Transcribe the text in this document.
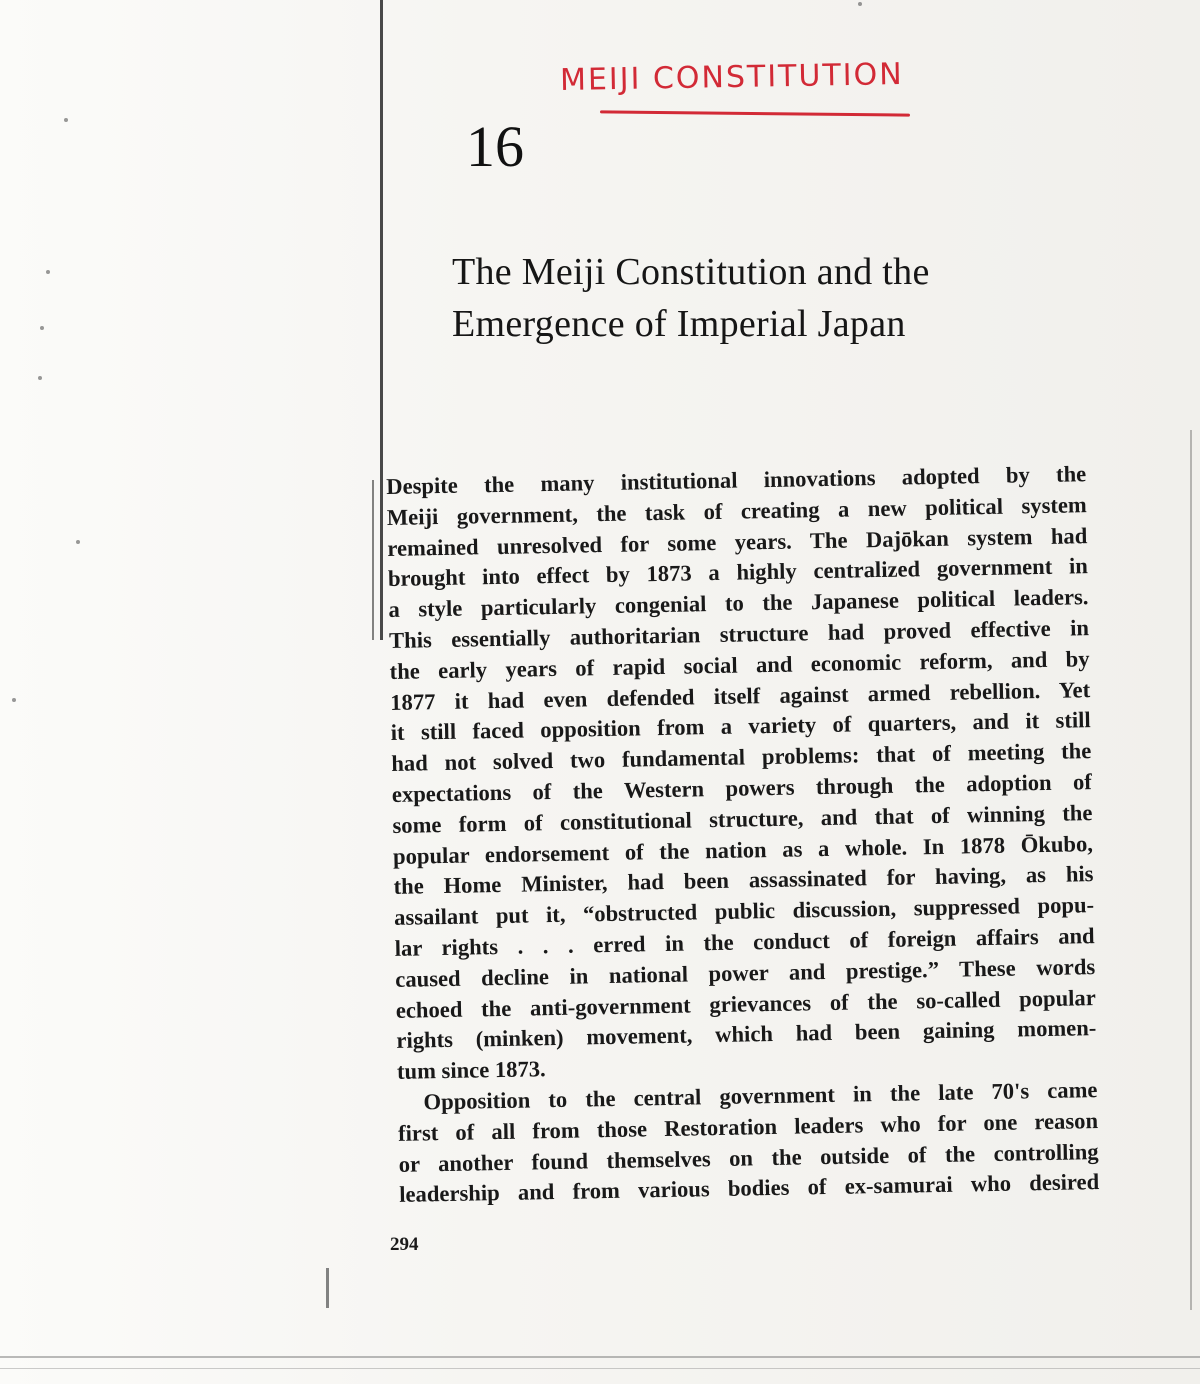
MEIJI CONSTITUTION
16
The Meiji Constitution and the
Emergence of Imperial Japan
Despite the many institutional innovations adopted by the
Meiji government, the task of creating a new political system
remained unresolved for some years. The Dajōkan system had
brought into effect by 1873 a highly centralized government in
a style particularly congenial to the Japanese political leaders.
This essentially authoritarian structure had proved effective in
the early years of rapid social and economic reform, and by
1877 it had even defended itself against armed rebellion. Yet
it still faced opposition from a variety of quarters, and it still
had not solved two fundamental problems: that of meeting the
expectations of the Western powers through the adoption of
some form of constitutional structure, and that of winning the
popular endorsement of the nation as a whole. In 1878 Ōkubo,
the Home Minister, had been assassinated for having, as his
assailant put it, “obstructed public discussion, suppressed popu-
lar rights . . . erred in the conduct of foreign affairs and
caused decline in national power and prestige.” These words
echoed the anti-government grievances of the so-called popular
rights (minken) movement, which had been gaining momen-
tum since 1873.
Opposition to the central government in the late 70's came
first of all from those Restoration leaders who for one reason
or another found themselves on the outside of the controlling
leadership and from various bodies of ex-samurai who desired
294
